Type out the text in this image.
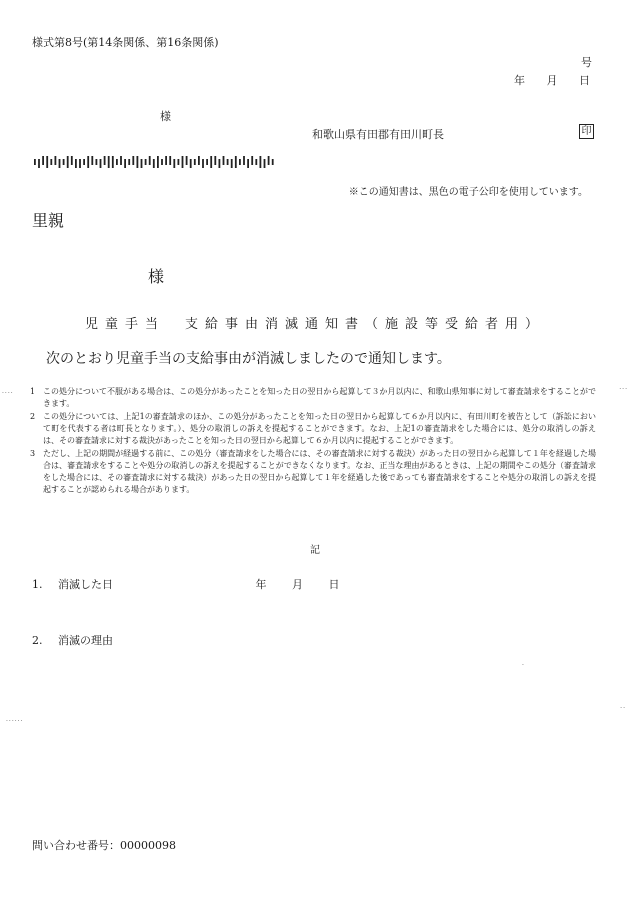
様式第8号(第14条関係、第16条関係)
号
年 月 日
様
和歌山県有田郡有田川町長	印
※この通知書は、黒色の電子公印を使用しています。
里親
様
児童手当　支給事由消滅通知書（施設等受給者用）
次のとおり児童手当の支給事由が消滅しましたので通知します。
....
...
1 この処分について不服がある場合は、この処分があったことを知った日の翌日から起算して３か月以内に、和歌山県知事に対して審査請求をすることができます。
2 この処分については、上記1の審査請求のほか、この処分があったことを知った日の翌日から起算して６か月以内に、有田川町を被告として（訴訟において町を代表する者は町長となります。）、処分の取消しの訴えを提起することができます。なお、上記1の審査請求をした場合には、処分の取消しの訴えは、その審査請求に対する裁決があったことを知った日の翌日から起算して６か月以内に提起することができます。
3 ただし、上記の期間が経過する前に、この処分（審査請求をした場合には、その審査請求に対する裁決）があった日の翌日から起算して１年を経過した場合は、審査請求をすることや処分の取消しの訴えを提起することができなくなります。なお、正当な理由があるときは、上記の期間やこの処分（審査請求をした場合には、その審査請求に対する裁決）があった日の翌日から起算して１年を経過した後であっても審査請求をすることや処分の取消しの訴えを提起することが認められる場合があります。
記
1. 消滅した日	年 月 日
2. 消滅の理由
......
..
.
問い合わせ番号：00000098
